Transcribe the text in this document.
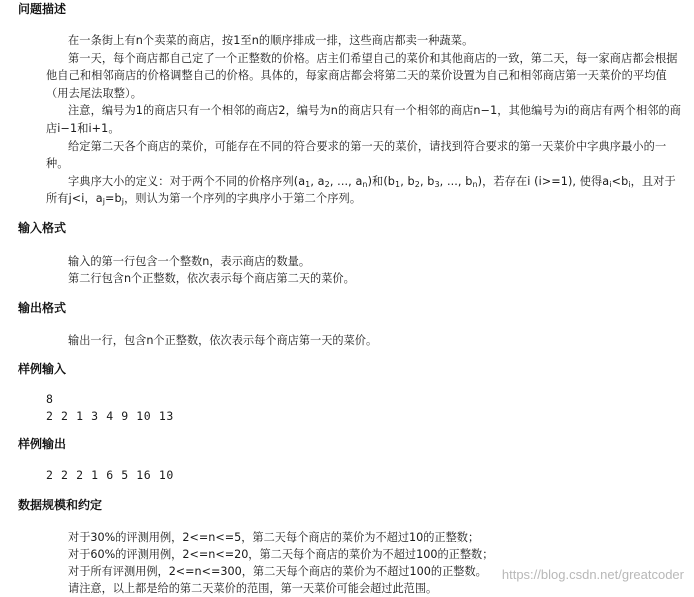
问题描述

在一条街上有n个卖菜的商店，按1至n的顺序排成一排，这些商店都卖一种蔬菜。

第一天，每个商店都自己定了一个正整数的价格。店主们希望自己的菜价和其他商店的一致，第二天，每一家商店都会根据他自己和相邻商店的价格调整自己的价格。具体的，每家商店都会将第二天的菜价设置为自己和相邻商店第一天菜价的平均值（用去尾法取整）。

注意，编号为1的商店只有一个相邻的商店2，编号为n的商店只有一个相邻的商店n−1，其他编号为i的商店有两个相邻的商店i−1和i+1。

给定第二天各个商店的菜价，可能存在不同的符合要求的第一天的菜价，请找到符合要求的第一天菜价中字典序最小的一种。

字典序大小的定义：对于两个不同的价格序列($a_1$, $a_2$, ..., $a_n$)和($b_1$, $b_2$, $b_3$, ..., $b_n$)，若存在i (i>=1), 使得$a_i<b_i$，且对于所有j<i，$a_j=b_j$，则认为第一个序列的字典序小于第二个序列。

输入格式
输入的第一行包含一个整数n，表示商店的数量。
第二行包含n个正整数，依次表示每个商店第二天的菜价。
输出格式
输出一行，包含n个正整数，依次表示每个商店第一天的菜价。
样例输入
8
2 2 1 3 4 9 10 13
样例输出
2 2 2 1 6 5 16 10
数据规模和约定
对于30%的评测用例，2<=n<=5，第二天每个商店的菜价为不超过10的正整数；
对于60%的评测用例，2<=n<=20，第二天每个商店的菜价为不超过100的正整数；
对于所有评测用例，2<=n<=300，第二天每个商店的菜价为不超过100的正整数。
请注意，以上都是给的第二天菜价的范围，第一天菜价可能会超过此范围。
https://blog.csdn.net/greatcoder
